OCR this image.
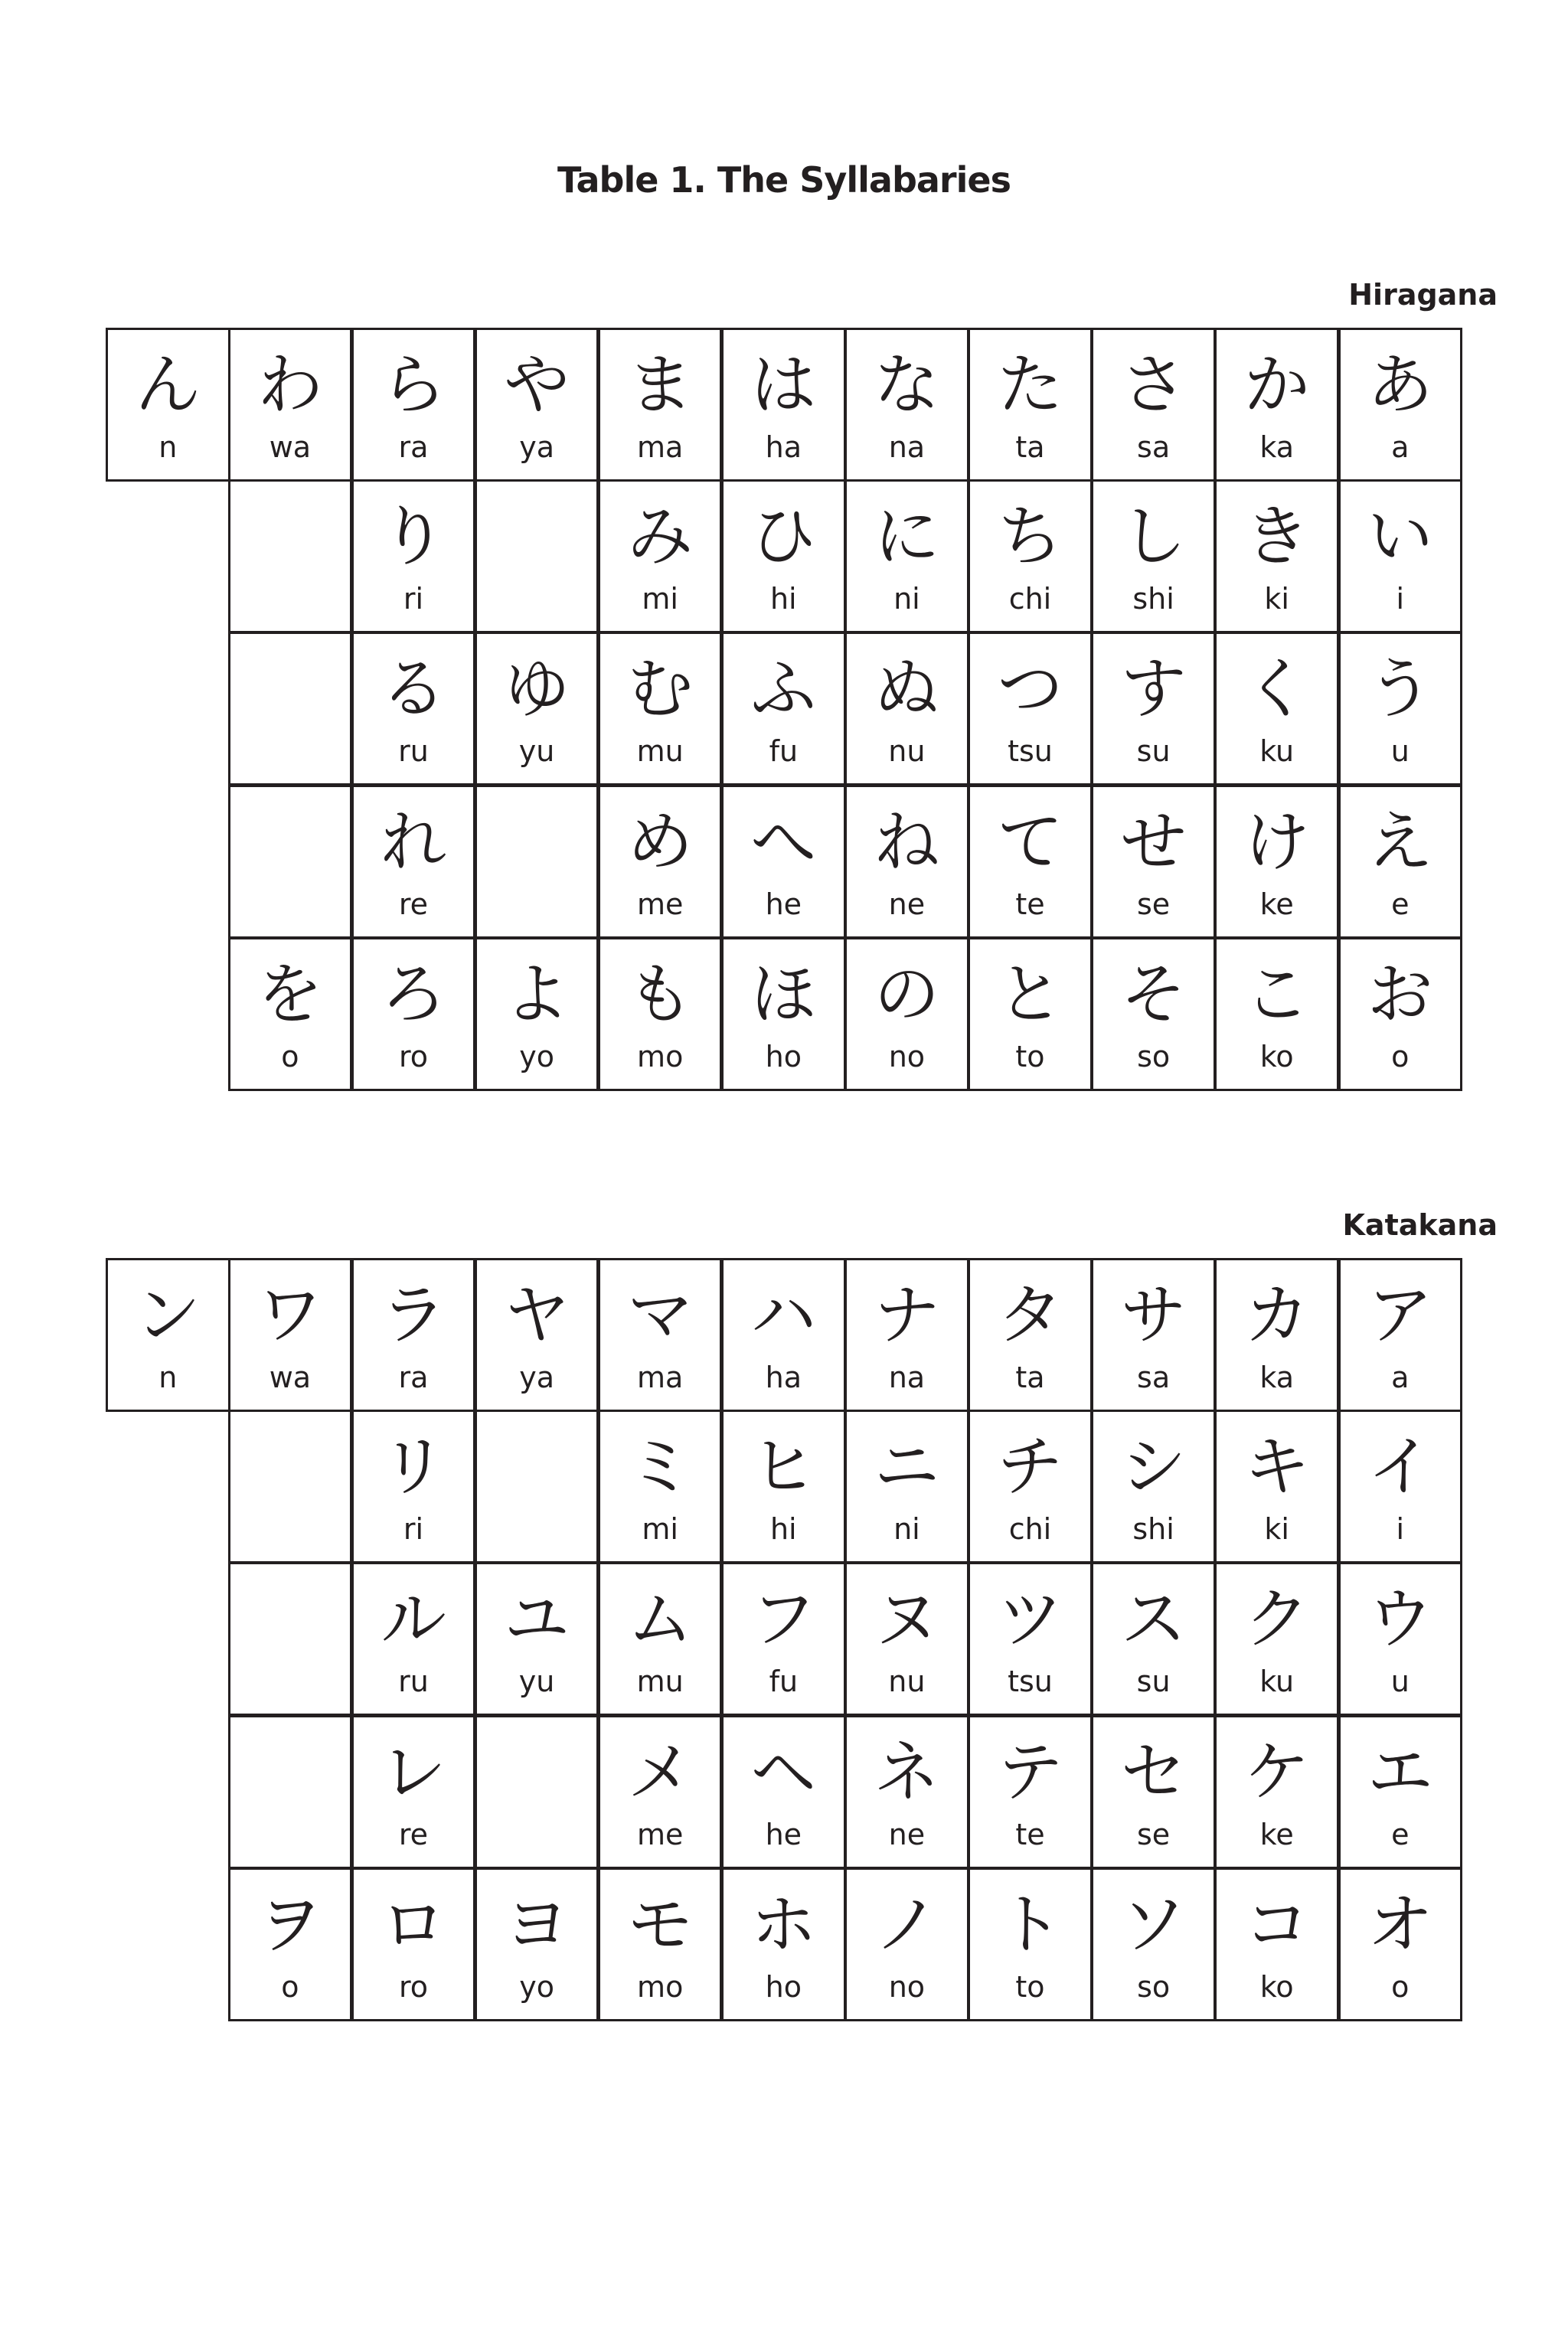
Table 1. The Syllabaries
Hiragana
ん
n
わ
wa
ら
ra
や
ya
ま
ma
は
ha
な
na
た
ta
さ
sa
か
ka
あ
a
り
ri
み
mi
ひ
hi
に
ni
ち
chi
し
shi
き
ki
い
i
る
ru
ゆ
yu
む
mu
ふ
fu
ぬ
nu
つ
tsu
す
su
く
ku
う
u
れ
re
め
me
へ
he
ね
ne
て
te
せ
se
け
ke
え
e
を
o
ろ
ro
よ
yo
も
mo
ほ
ho
の
no
と
to
そ
so
こ
ko
お
o
Katakana
ン
n
ワ
wa
ラ
ra
ヤ
ya
マ
ma
ハ
ha
ナ
na
タ
ta
サ
sa
カ
ka
ア
a
リ
ri
ミ
mi
ヒ
hi
ニ
ni
チ
chi
シ
shi
キ
ki
イ
i
ル
ru
ユ
yu
ム
mu
フ
fu
ヌ
nu
ツ
tsu
ス
su
ク
ku
ウ
u
レ
re
メ
me
ヘ
he
ネ
ne
テ
te
セ
se
ケ
ke
エ
e
ヲ
o
ロ
ro
ヨ
yo
モ
mo
ホ
ho
ノ
no
ト
to
ソ
so
コ
ko
オ
o
